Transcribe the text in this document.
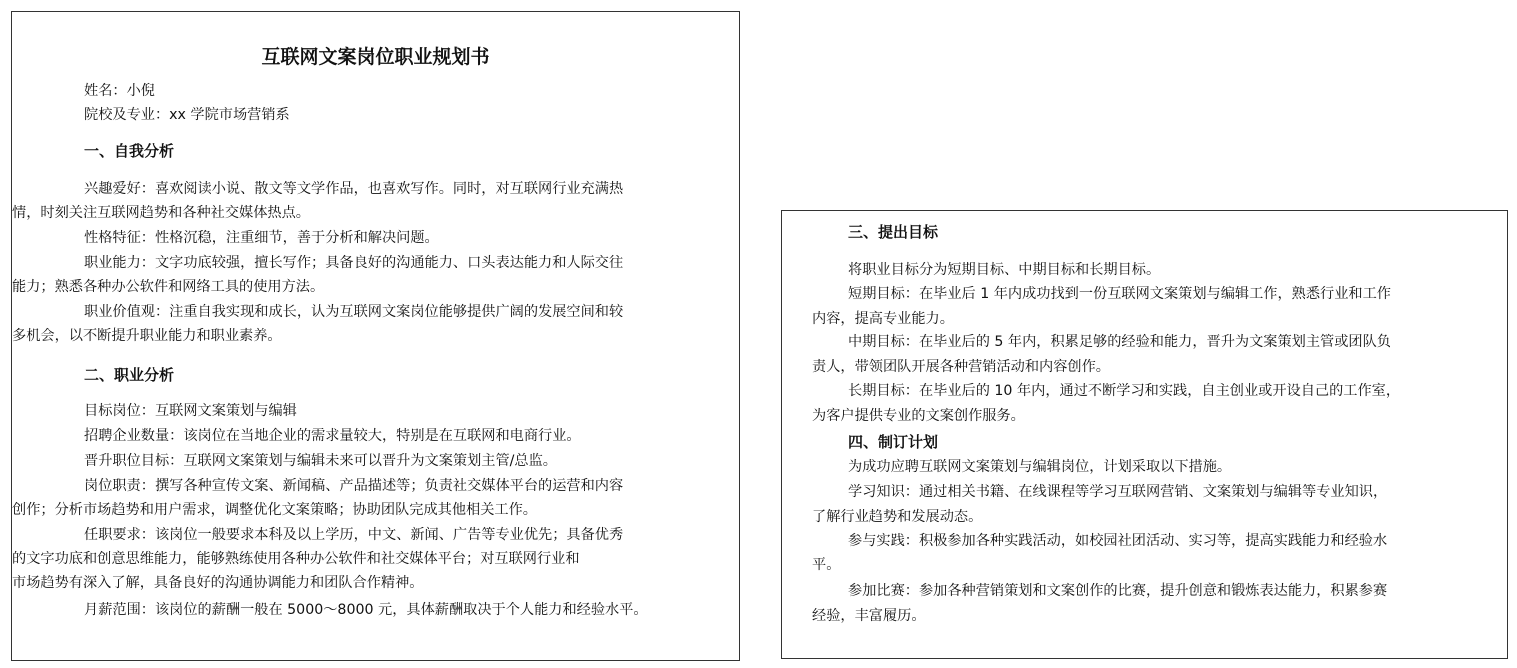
互联网文案岗位职业规划书
姓名：小倪
院校及专业：xx 学院市场营销系
一、自我分析
兴趣爱好：喜欢阅读小说、散文等文学作品，也喜欢写作。同时，对互联网行业充满热
情，时刻关注互联网趋势和各种社交媒体热点。
性格特征：性格沉稳，注重细节，善于分析和解决问题。
职业能力：文字功底较强，擅长写作；具备良好的沟通能力、口头表达能力和人际交往
能力；熟悉各种办公软件和网络工具的使用方法。
职业价值观：注重自我实现和成长，认为互联网文案岗位能够提供广阔的发展空间和较
多机会，以不断提升职业能力和职业素养。
二、职业分析
目标岗位：互联网文案策划与编辑
招聘企业数量：该岗位在当地企业的需求量较大，特别是在互联网和电商行业。
晋升职位目标：互联网文案策划与编辑未来可以晋升为文案策划主管/总监。
岗位职责：撰写各种宣传文案、新闻稿、产品描述等；负责社交媒体平台的运营和内容
创作；分析市场趋势和用户需求，调整优化文案策略；协助团队完成其他相关工作。
任职要求：该岗位一般要求本科及以上学历，中文、新闻、广告等专业优先；具备优秀
的文字功底和创意思维能力，能够熟练使用各种办公软件和社交媒体平台；对互联网行业和
市场趋势有深入了解，具备良好的沟通协调能力和团队合作精神。
月薪范围：该岗位的薪酬一般在 5000～8000 元，具体薪酬取决于个人能力和经验水平。
三、提出目标
将职业目标分为短期目标、中期目标和长期目标。
短期目标：在毕业后 1 年内成功找到一份互联网文案策划与编辑工作，熟悉行业和工作
内容，提高专业能力。
中期目标：在毕业后的 5 年内，积累足够的经验和能力，晋升为文案策划主管或团队负
责人，带领团队开展各种营销活动和内容创作。
长期目标：在毕业后的 10 年内，通过不断学习和实践，自主创业或开设自己的工作室，
为客户提供专业的文案创作服务。
四、制订计划
为成功应聘互联网文案策划与编辑岗位，计划采取以下措施。
学习知识：通过相关书籍、在线课程等学习互联网营销、文案策划与编辑等专业知识，
了解行业趋势和发展动态。
参与实践：积极参加各种实践活动，如校园社团活动、实习等，提高实践能力和经验水
平。
参加比赛：参加各种营销策划和文案创作的比赛，提升创意和锻炼表达能力，积累参赛
经验，丰富履历。
